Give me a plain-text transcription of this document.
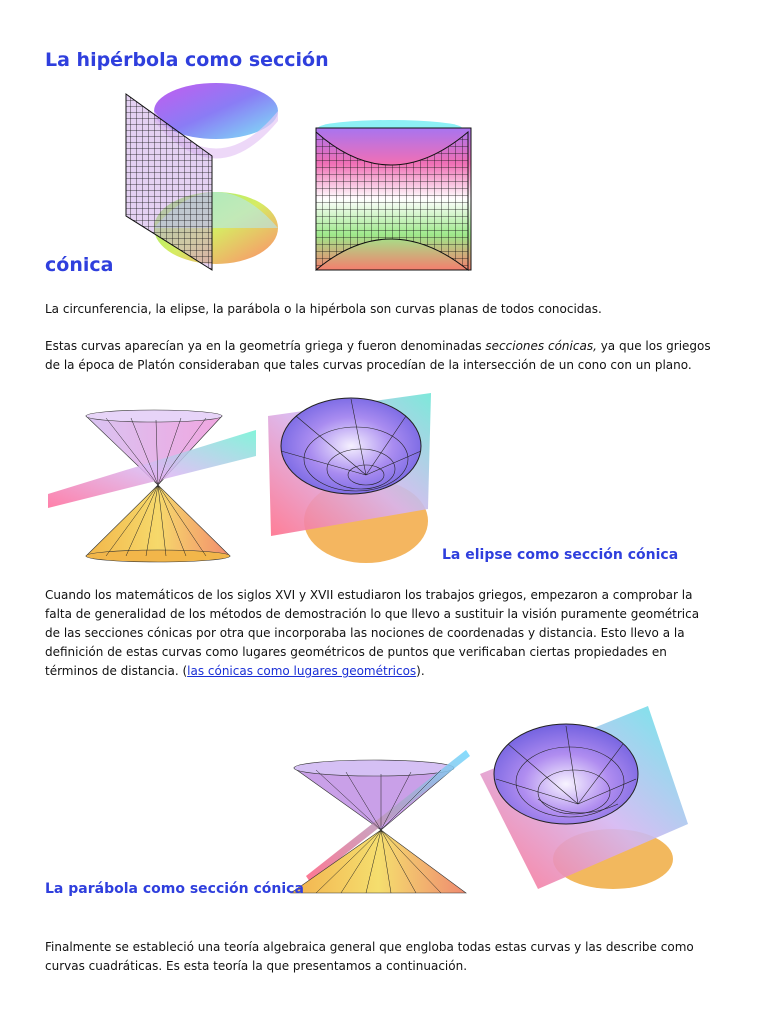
La hipérbola como sección
cónica
La circunferencia, la elipse, la parábola o la hipérbola son curvas planas de todos conocidas.
Estas curvas aparecían ya en la geometría griega y fueron denominadas secciones cónicas, ya que los griegos de la época de Platón consideraban que tales curvas procedían de la intersección de un cono con un plano.
La elipse como sección cónica
Cuando los matemáticos de los siglos XVI y XVII estudiaron los trabajos griegos, empezaron a comprobar la falta de generalidad de los métodos de demostración lo que llevo a sustituir la visión puramente geométrica de las secciones cónicas por otra que incorporaba las nociones de coordenadas y distancia. Esto llevo a la definición de estas curvas como lugares geométricos de puntos que verificaban ciertas propiedades en términos de distancia. (las cónicas como lugares geométricos).
La parábola como sección cónica
Finalmente se estableció una teoría algebraica general que engloba todas estas curvas y las describe como curvas cuadráticas. Es esta teoría la que presentamos a continuación.
